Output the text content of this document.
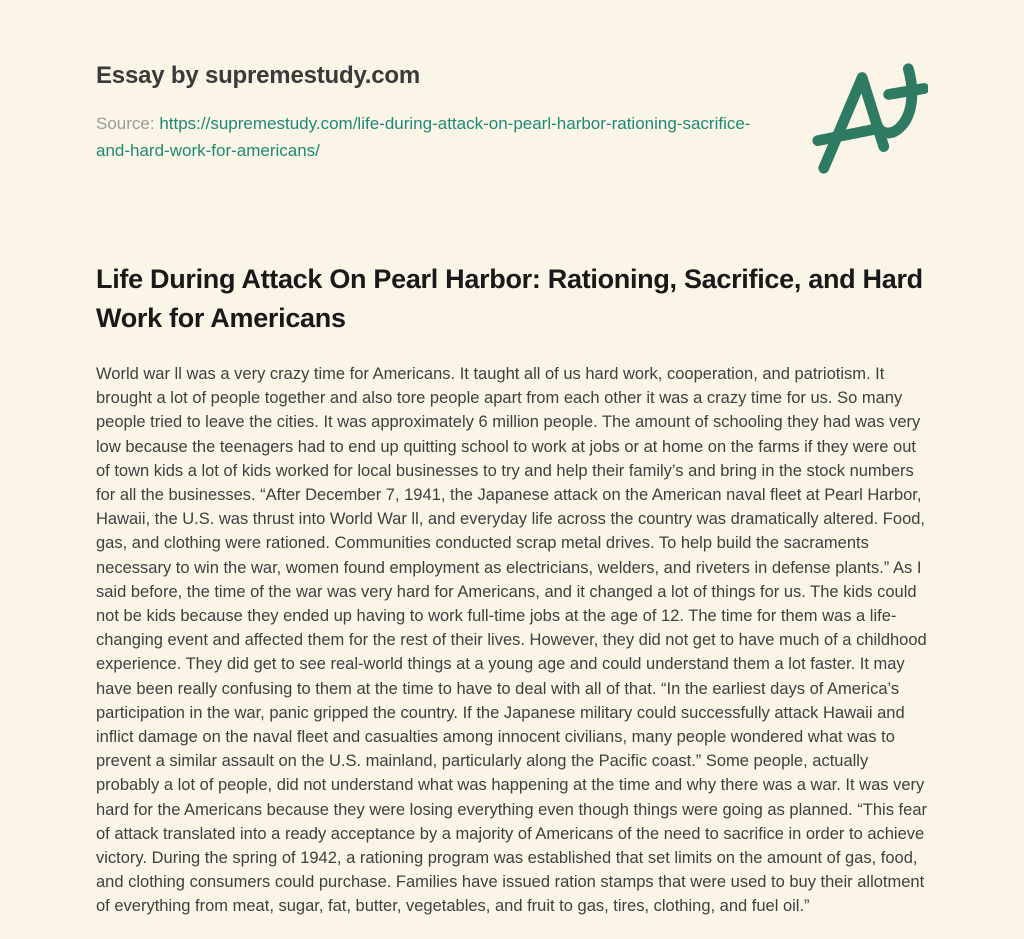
Essay by supremestudy.com
Source: https://supremestudy.com/life-during-attack-on-pearl-harbor-rationing-sacrifice-and-hard-work-for-americans/
Life During Attack On Pearl Harbor: Rationing, Sacrifice, and Hard Work for Americans

World war ll was a very crazy time for Americans. It taught all of us hard work, cooperation, and patriotism. It brought a lot of people together and also tore people apart from each other it was a crazy time for us. So many people tried to leave the cities. It was approximately 6 million people. The amount of schooling they had was very low because the teenagers had to end up quitting school to work at jobs or at home on the farms if they were out of town kids a lot of kids worked for local businesses to try and help their family’s and bring in the stock numbers for all the businesses. “After December 7, 1941, the Japanese attack on the American naval fleet at Pearl Harbor, Hawaii, the U.S. was thrust into World War ll, and everyday life across the country was dramatically altered. Food, gas, and clothing were rationed. Communities conducted scrap metal drives. To help build the sacraments necessary to win the war, women found employment as electricians, welders, and riveters in defense plants.” As I said before, the time of the war was very hard for Americans, and it changed a lot of things for us. The kids could not be kids because they ended up having to work full-time jobs at the age of 12. The time for them was a life-changing event and affected them for the rest of their lives. However, they did not get to have much of a childhood experience. They did get to see real-world things at a young age and could understand them a lot faster. It may have been really confusing to them at the time to have to deal with all of that. “In the earliest days of America’s participation in the war, panic gripped the country. If the Japanese military could successfully attack Hawaii and inflict damage on the naval fleet and casualties among innocent civilians, many people wondered what was to prevent a similar assault on the U.S. mainland, particularly along the Pacific coast.” Some people, actually probably a lot of people, did not understand what was happening at the time and why there was a war. It was very hard for the Americans because they were losing everything even though things were going as planned. “This fear of attack translated into a ready acceptance by a majority of Americans of the need to sacrifice in order to achieve victory. During the spring of 1942, a rationing program was established that set limits on the amount of gas, food, and clothing consumers could purchase. Families have issued ration stamps that were used to buy their allotment of everything from meat, sugar, fat, butter, vegetables, and fruit to gas, tires, clothing, and fuel oil.”
